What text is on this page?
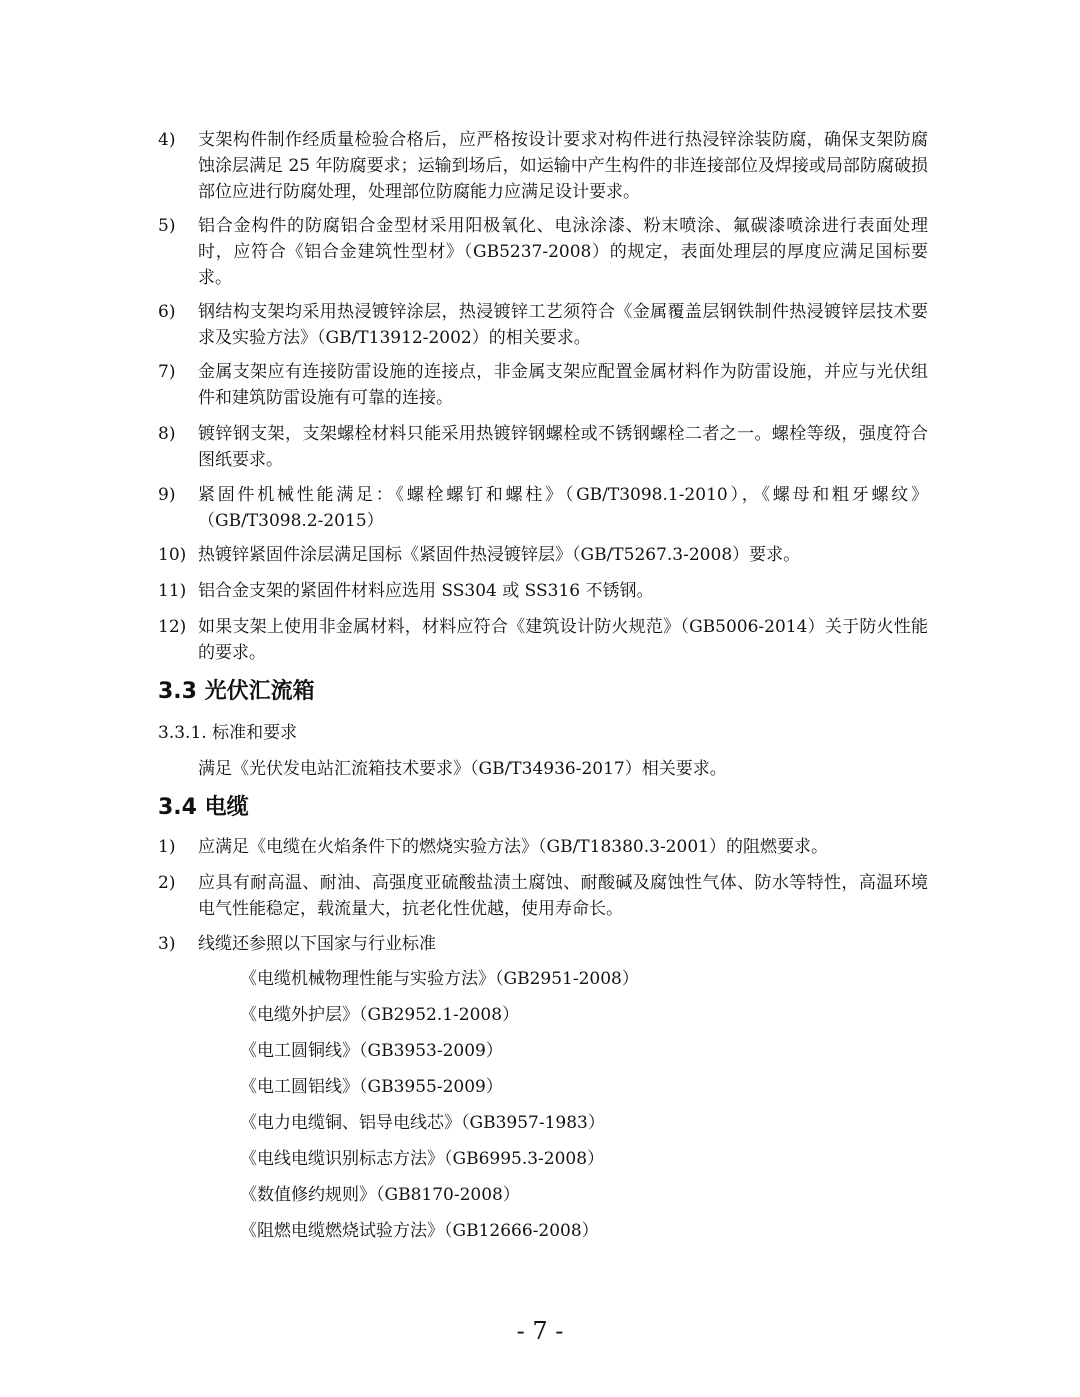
4)	支架构件制作经质量检验合格后，应严格按设计要求对构件进行热浸锌涂装防腐，确保支架防腐蚀涂层满足 25 年防腐要求；运输到场后，如运输中产生构件的非连接部位及焊接或局部防腐破损部位应进行防腐处理，处理部位防腐能力应满足设计要求。
5)	铝合金构件的防腐铝合金型材采用阳极氧化、电泳涂漆、粉末喷涂、氟碳漆喷涂进行表面处理时，应符合《铝合金建筑性型材》（GB5237-2008）的规定，表面处理层的厚度应满足国标要求。
6)	钢结构支架均采用热浸镀锌涂层，热浸镀锌工艺须符合《金属覆盖层钢铁制件热浸镀锌层技术要求及实验方法》（GB/T13912-2002）的相关要求。
7)	金属支架应有连接防雷设施的连接点，非金属支架应配置金属材料作为防雷设施，并应与光伏组件和建筑防雷设施有可靠的连接。
8)	镀锌钢支架，支架螺栓材料只能采用热镀锌钢螺栓或不锈钢螺栓二者之一。螺栓等级，强度符合图纸要求。
9)	紧固件机械性能满足：《螺栓螺钉和螺柱》（GB/T3098.1-2010），《螺母和粗牙螺纹》（GB/T3098.2-2015）
10) 热镀锌紧固件涂层满足国标《紧固件热浸镀锌层》（GB/T5267.3-2008）要求。
11) 铝合金支架的紧固件材料应选用 SS304 或 SS316 不锈钢。
12) 如果支架上使用非金属材料，材料应符合《建筑设计防火规范》（GB5006-2014）关于防火性能的要求。
3.3 光伏汇流箱
3.3.1. 标准和要求
满足《光伏发电站汇流箱技术要求》（GB/T34936-2017）相关要求。
3.4 电缆
1)	应满足《电缆在火焰条件下的燃烧实验方法》（GB/T18380.3-2001）的阻燃要求。
2)	应具有耐高温、耐油、高强度亚硫酸盐渍土腐蚀、耐酸碱及腐蚀性气体、防水等特性，高温环境电气性能稳定，载流量大，抗老化性优越，使用寿命长。
3)	线缆还参照以下国家与行业标准
《电缆机械物理性能与实验方法》（GB2951-2008）
《电缆外护层》（GB2952.1-2008）
《电工圆铜线》（GB3953-2009）
《电工圆铝线》（GB3955-2009）
《电力电缆铜、铝导电线芯》（GB3957-1983）
《电线电缆识别标志方法》（GB6995.3-2008）
《数值修约规则》（GB8170-2008）
《阻燃电缆燃烧试验方法》（GB12666-2008）
- 7 -
